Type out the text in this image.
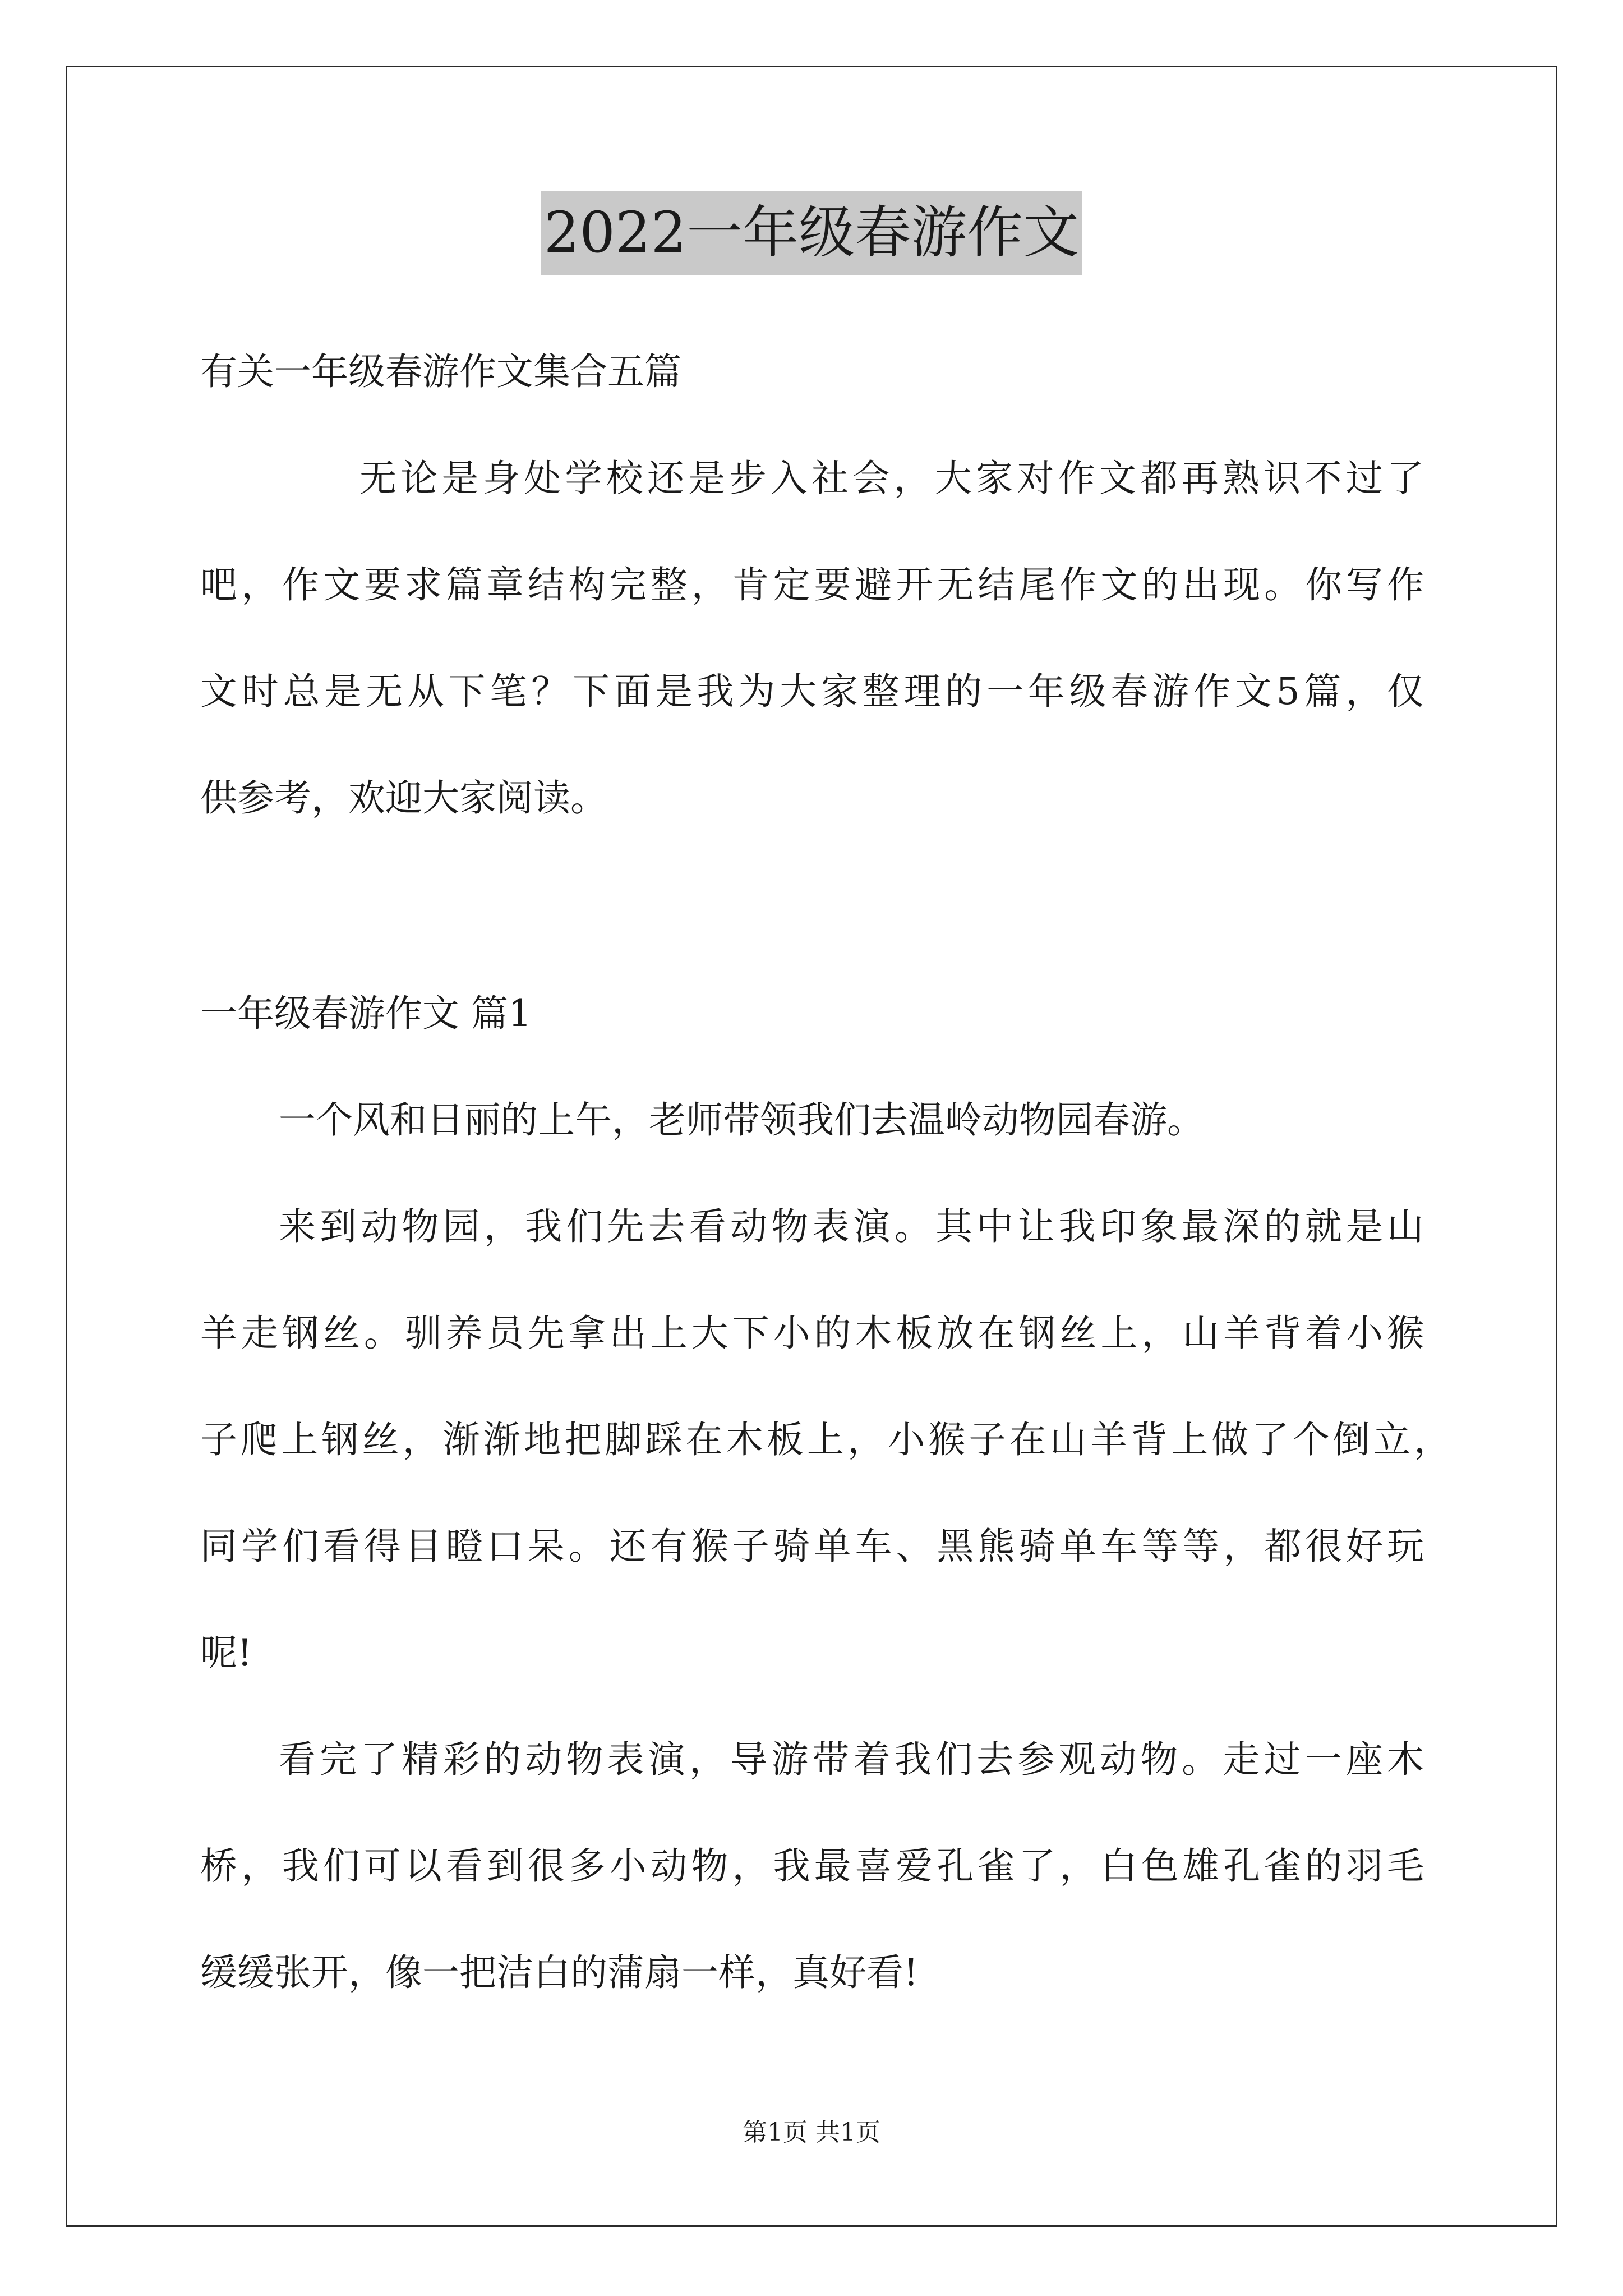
2022一年级春游作文
有关一年级春游作文集合五篇
无论是身处学校还是步入社会，大家对作文都再熟识不过了
吧，作文要求篇章结构完整，肯定要避开无结尾作文的出现。你写作
文时总是无从下笔？下面是我为大家整理的一年级春游作文5篇，仅
供参考，欢迎大家阅读。
一年级春游作文 篇1
一个风和日丽的上午，老师带领我们去温岭动物园春游。
来到动物园，我们先去看动物表演。其中让我印象最深的就是山
羊走钢丝。驯养员先拿出上大下小的木板放在钢丝上，山羊背着小猴
子爬上钢丝，渐渐地把脚踩在木板上，小猴子在山羊背上做了个倒立，
同学们看得目瞪口呆。还有猴子骑单车、黑熊骑单车等等，都很好玩
呢!
看完了精彩的动物表演，导游带着我们去参观动物。走过一座木
桥，我们可以看到很多小动物，我最喜爱孔雀了，白色雄孔雀的羽毛
缓缓张开，像一把洁白的蒲扇一样，真好看!
第1页 共1页
